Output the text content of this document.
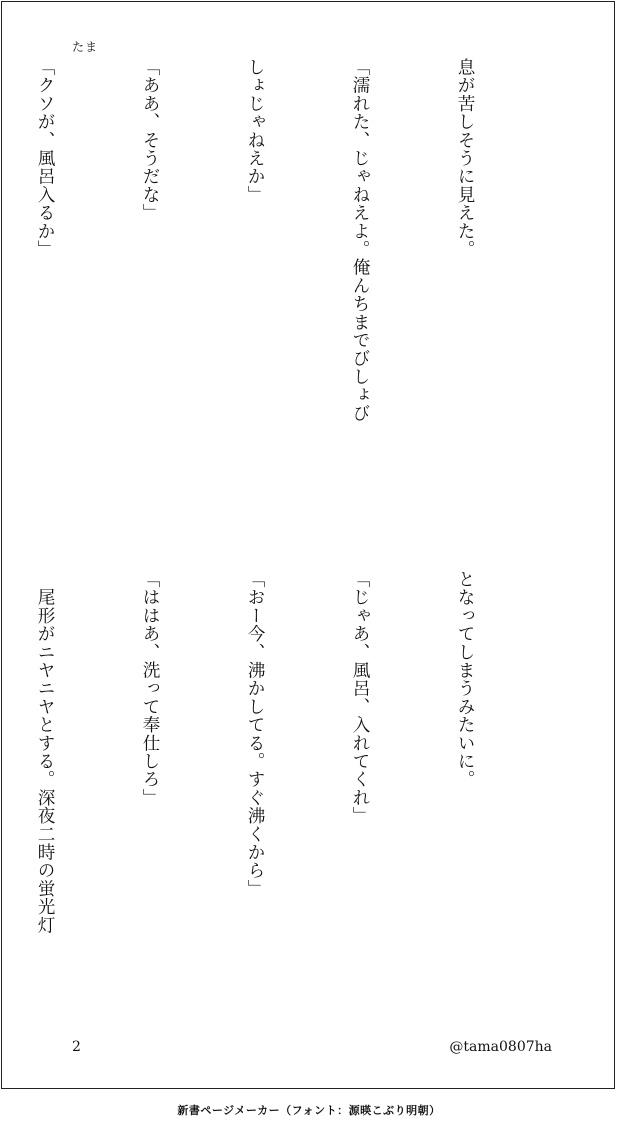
たま

息が苦しそうに見えた。

「濡れた、じゃねえよ。俺んちまでびしょび

しょじゃねえか」

「ああ、そうだな」

「クソが、風呂入るか」

となってしまうみたいに。

「じゃあ、風呂、入れてくれ」

「おー今、沸かしてる。すぐ沸くから」

「ははあ、洗って奉仕しろ」

　尾形がニヤニヤとする。深夜二時の蛍光灯

2	@tama0807ha
新書ページメーカー（フォント：源暎こぶり明朝）
